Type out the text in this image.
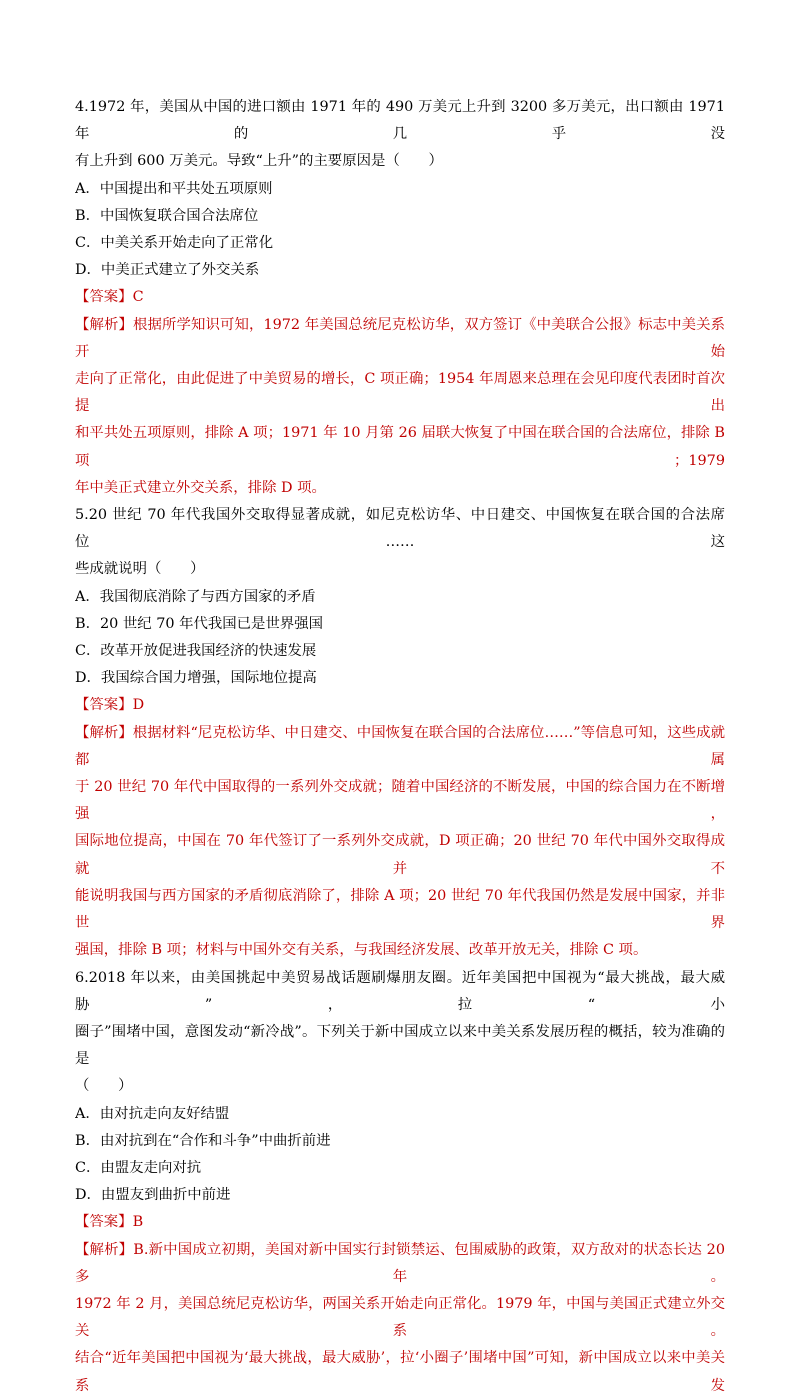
4.1972 年，美国从中国的进口额由 1971 年的 490 万美元上升到 3200 多万美元，出口额由 1971 年的几乎没
有上升到 600 万美元。导致“上升”的主要原因是（　　）
A．中国提出和平共处五项原则
B．中国恢复联合国合法席位
C．中美关系开始走向了正常化
D．中美正式建立了外交关系
【答案】C
【解析】根据所学知识可知，1972 年美国总统尼克松访华，双方签订《中美联合公报》标志中美关系开始
走向了正常化，由此促进了中美贸易的增长，C 项正确；1954 年周恩来总理在会见印度代表团时首次提出
和平共处五项原则，排除 A 项；1971 年 10 月第 26 届联大恢复了中国在联合国的合法席位，排除 B 项；1979
年中美正式建立外交关系，排除 D 项。
5.20 世纪 70 年代我国外交取得显著成就，如尼克松访华、中日建交、中国恢复在联合国的合法席位……这
些成就说明（　　）
A．我国彻底消除了与西方国家的矛盾
B．20 世纪 70 年代我国已是世界强国
C．改革开放促进我国经济的快速发展
D．我国综合国力增强，国际地位提高
【答案】D
【解析】根据材料“尼克松访华、中日建交、中国恢复在联合国的合法席位……”等信息可知，这些成就都属
于 20 世纪 70 年代中国取得的一系列外交成就；随着中国经济的不断发展，中国的综合国力在不断增强，
国际地位提高，中国在 70 年代签订了一系列外交成就，D 项正确；20 世纪 70 年代中国外交取得成就并不
能说明我国与西方国家的矛盾彻底消除了，排除 A 项；20 世纪 70 年代我国仍然是发展中国家，并非世界
强国，排除 B 项；材料与中国外交有关系，与我国经济发展、改革开放无关，排除 C 项。
6.2018 年以来，由美国挑起中美贸易战话题刷爆朋友圈。近年美国把中国视为“最大挑战，最大威胁”，拉“小
圈子”围堵中国，意图发动“新冷战”。下列关于新中国成立以来中美关系发展历程的概括，较为准确的是
（　　）
A．由对抗走向友好结盟
B．由对抗到在“合作和斗争”中曲折前进
C．由盟友走向对抗
D．由盟友到曲折中前进
【答案】B
【解析】B.新中国成立初期，美国对新中国实行封锁禁运、包围威胁的政策，双方敌对的状态长达 20 多年。
1972 年 2 月，美国总统尼克松访华，两国关系开始走向正常化。1979 年，中国与美国正式建立外交关系。
结合“近年美国把中国视为‘最大挑战，最大威胁’，拉‘小圈子’围堵中国”可知，新中国成立以来中美关系发
